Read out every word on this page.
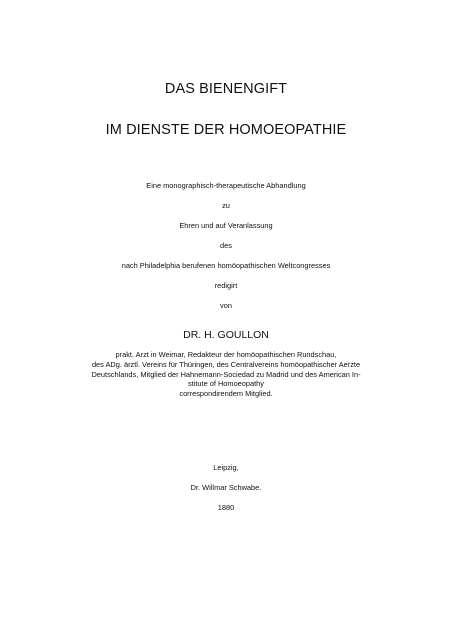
DAS BIENENGIFT
IM DIENSTE DER HOMOEOPATHIE
Eine monographisch-therapeutische Abhandlung
zu
Ehren und auf Veranlassung
des
nach Philadelphia berufenen homöopathischen Weltcongresses
redigirt
von
DR. H. GOULLON
prakt. Arzt in Weimar, Redakteur der homöopathischen Rundschau,
des ADg. ärztl. Vereins für Thüringen, des Centralvereins homöopathischer Aerzte
Deutschlands, Mitglied der Hahnemann-Sociedad zu Madrid und des American In-
stitute of Homoeopathy
correspondirendem Mitglied.
Leipzig,
Dr. Willmar Schwabe.
1880
